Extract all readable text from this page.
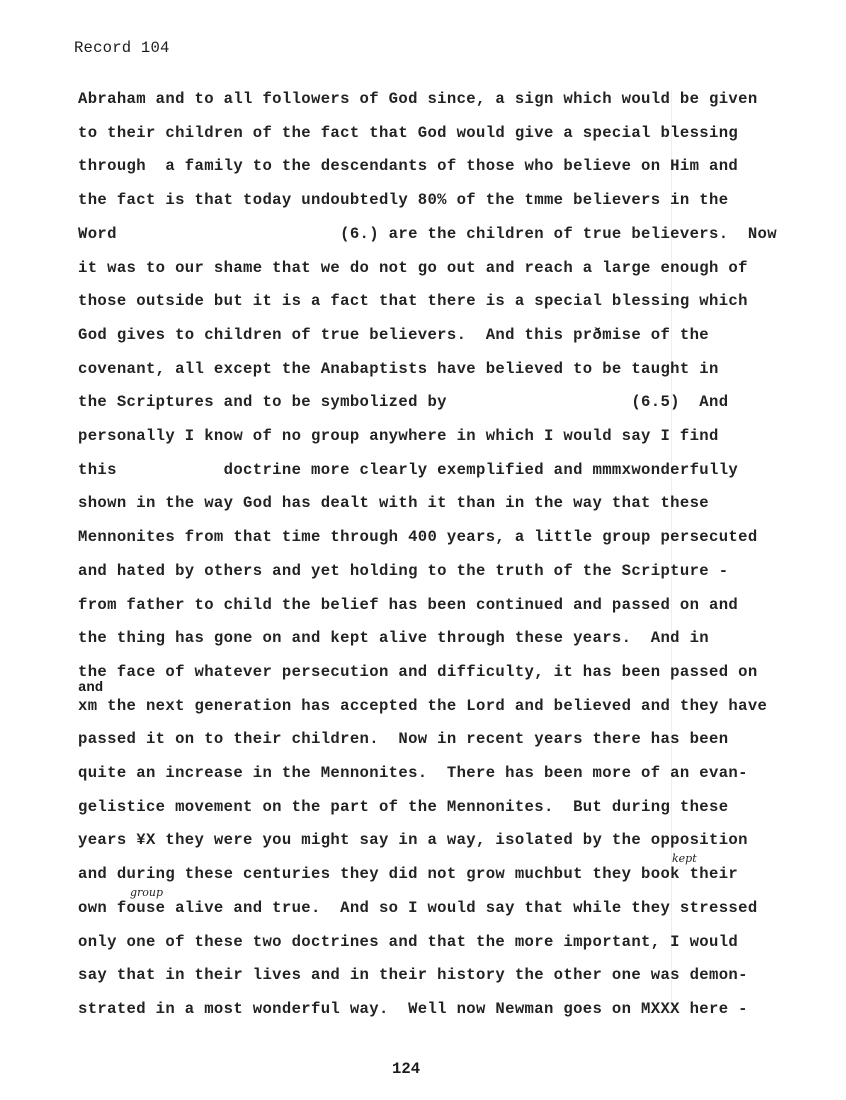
Record 104
Abraham and to all followers of God since, a sign which would be given
to their children of the fact that God would give a special blessing
through  a family to the descendants of those who believe on Him and
the fact is that today undoubtedly 80% of the tmme believers in the
Word                       (6.) are the children of true believers.  Now
it was to our shame that we do not go out and reach a large enough of
those outside but it is a fact that there is a special blessing which
God gives to children of true believers.  And this prðmise of the
covenant, all except the Anabaptists have believed to be taught in
the Scriptures and to be symbolized by                   (6.5)  And
personally I know of no group anywhere in which I would say I find
this           doctrine more clearly exemplified and mmmxwonderfully
shown in the way God has dealt with it than in the way that these
Mennonites from that time through 400 years, a little group persecuted
and hated by others and yet holding to the truth of the Scripture -
from father to child the belief has been continued and passed on and
the thing has gone on and kept alive through these years.  And in
the face of whatever persecution and difficulty, it has been passed on
and
xm the next generation has accepted the Lord and believed and they have
passed it on to their children.  Now in recent years there has been
quite an increase in the Mennonites.  There has been more of an evan-
gelistice movement on the part of the Mennonites.  But during these
years ¥X they were you might say in a way, isolated by the opposition
kept
and during these centuries they did not grow muchbut they book their
group
own fouse alive and true.  And so I would say that while they stressed
only one of these two doctrines and that the more important, I would
say that in their lives and in their history the other one was demon-
strated in a most wonderful way.  Well now Newman goes on MXXX here -
124
